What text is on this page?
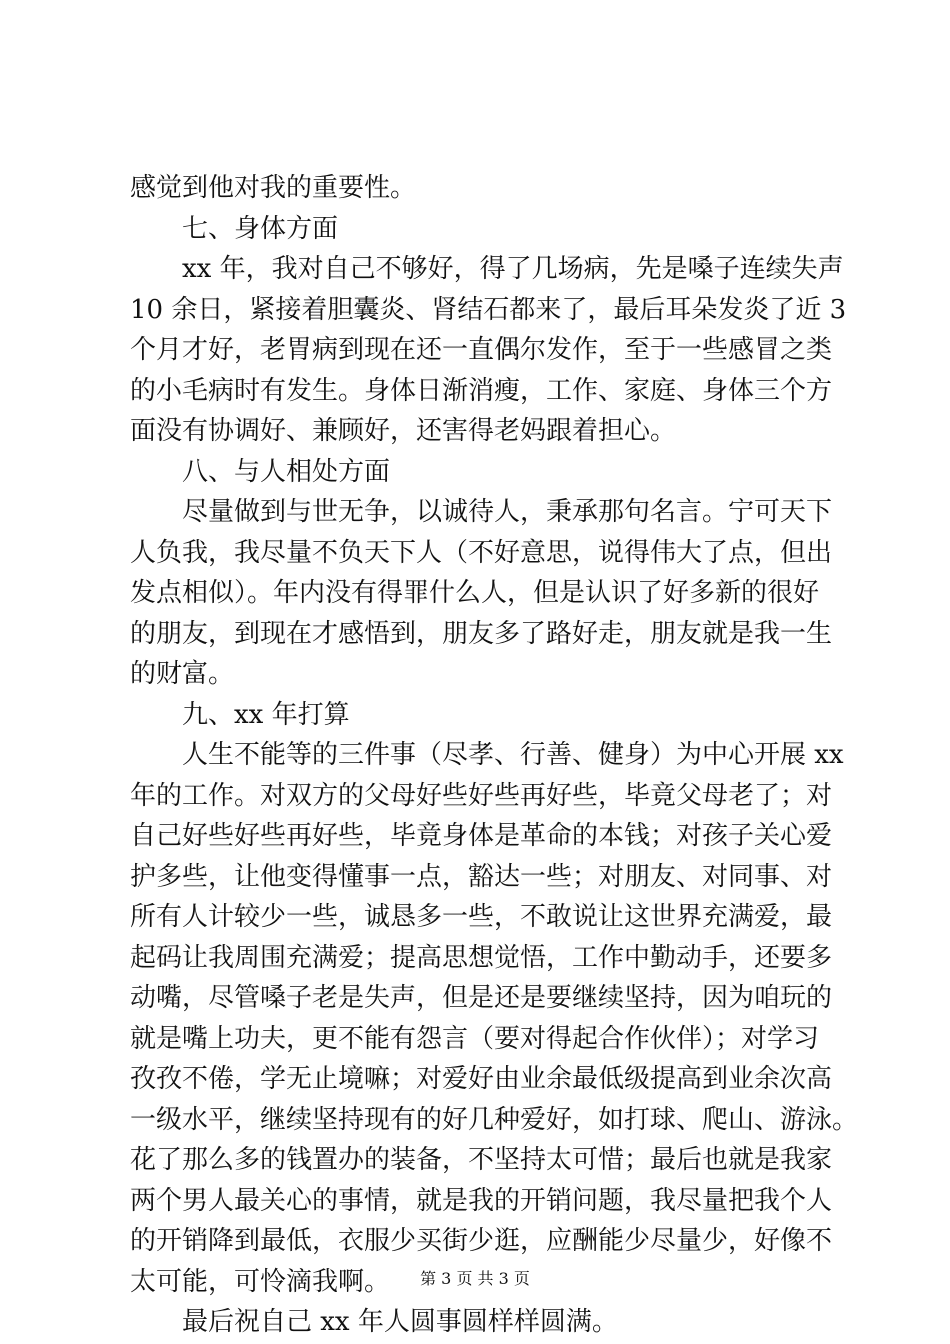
感觉到他对我的重要性。
七、身体方面
xx 年，我对自己不够好，得了几场病，先是嗓子连续失声
10 余日，紧接着胆囊炎、肾结石都来了，最后耳朵发炎了近 3
个月才好，老胃病到现在还一直偶尔发作，至于一些感冒之类
的小毛病时有发生。身体日渐消瘦，工作、家庭、身体三个方
面没有协调好、兼顾好，还害得老妈跟着担心。
八、与人相处方面
尽量做到与世无争，以诚待人，秉承那句名言。宁可天下
人负我，我尽量不负天下人（不好意思，说得伟大了点，但出
发点相似）。年内没有得罪什么人，但是认识了好多新的很好
的朋友，到现在才感悟到，朋友多了路好走，朋友就是我一生
的财富。
九、xx 年打算
人生不能等的三件事（尽孝、行善、健身）为中心开展 xx
年的工作。对双方的父母好些好些再好些，毕竟父母老了；对
自己好些好些再好些，毕竟身体是革命的本钱；对孩子关心爱
护多些，让他变得懂事一点，豁达一些；对朋友、对同事、对
所有人计较少一些，诚恳多一些，不敢说让这世界充满爱，最
起码让我周围充满爱；提高思想觉悟，工作中勤动手，还要多
动嘴，尽管嗓子老是失声，但是还是要继续坚持，因为咱玩的
就是嘴上功夫，更不能有怨言（要对得起合作伙伴）；对学习
孜孜不倦，学无止境嘛；对爱好由业余最低级提高到业余次高
一级水平，继续坚持现有的好几种爱好，如打球、爬山、游泳。
花了那么多的钱置办的装备，不坚持太可惜；最后也就是我家
两个男人最关心的事情，就是我的开销问题，我尽量把我个人
的开销降到最低，衣服少买街少逛，应酬能少尽量少，好像不
太可能，可怜滴我啊。
最后祝自己 xx 年人圆事圆样样圆满。
第 3 页 共 3 页
